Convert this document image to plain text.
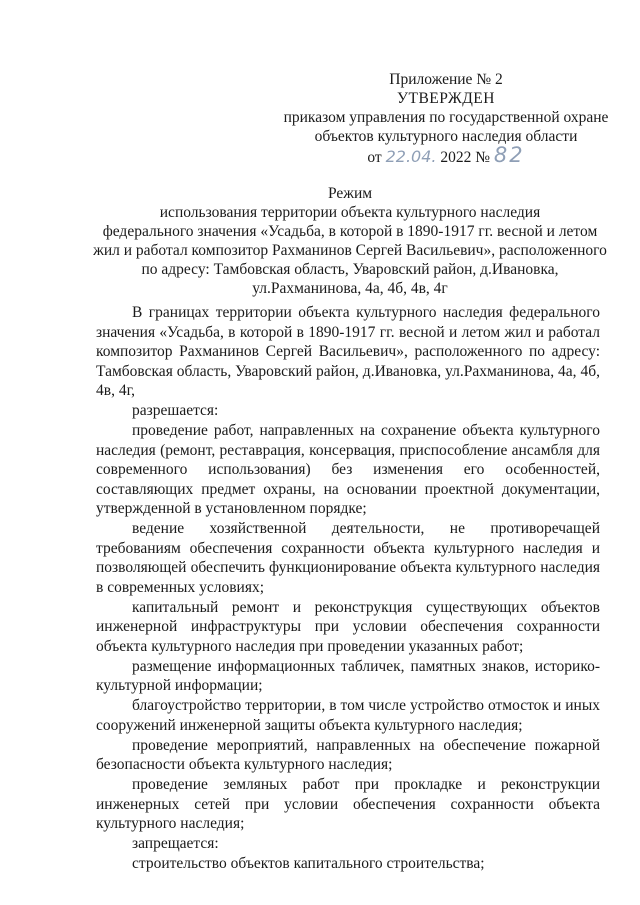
Приложение № 2
УТВЕРЖДЕН
приказом управления по государственной охране
объектов культурного наследия области
от 22.04. 2022 № 82
Режим
использования территории объекта культурного наследия
федерального значения «Усадьба, в которой в 1890-1917 гг. весной и летом
жил и работал композитор Рахманинов Сергей Васильевич», расположенного
по адресу: Тамбовская область, Уваровский район, д.Ивановка,
ул.Рахманинова, 4а, 4б, 4в, 4г

В границах территории объекта культурного наследия федерального значения «Усадьба, в которой в 1890-1917 гг. весной и летом жил и работал композитор Рахманинов Сергей Васильевич», расположенного по адресу: Тамбовская область, Уваровский район, д.Ивановка, ул.Рахманинова, 4а, 4б, 4в, 4г,

разрешается:

проведение работ, направленных на сохранение объекта культурного наследия (ремонт, реставрация, консервация, приспособление ансамбля для современного использования) без изменения его особенностей, составляющих предмет охраны, на основании проектной документации, утвержденной в установленном порядке;

ведение хозяйственной деятельности, не противоречащей требованиям обеспечения сохранности объекта культурного наследия и позволяющей обеспечить функционирование объекта культурного наследия в современных условиях;

капитальный ремонт и реконструкция существующих объектов инженерной инфраструктуры при условии обеспечения сохранности объекта культурного наследия при проведении указанных работ;

размещение информационных табличек, памятных знаков, историко-культурной информации;

благоустройство территории, в том числе устройство отмосток и иных сооружений инженерной защиты объекта культурного наследия;

проведение мероприятий, направленных на обеспечение пожарной безопасности объекта культурного наследия;

проведение земляных работ при прокладке и реконструкции инженерных сетей при условии обеспечения сохранности объекта культурного наследия;

запрещается:

строительство объектов капитального строительства;
